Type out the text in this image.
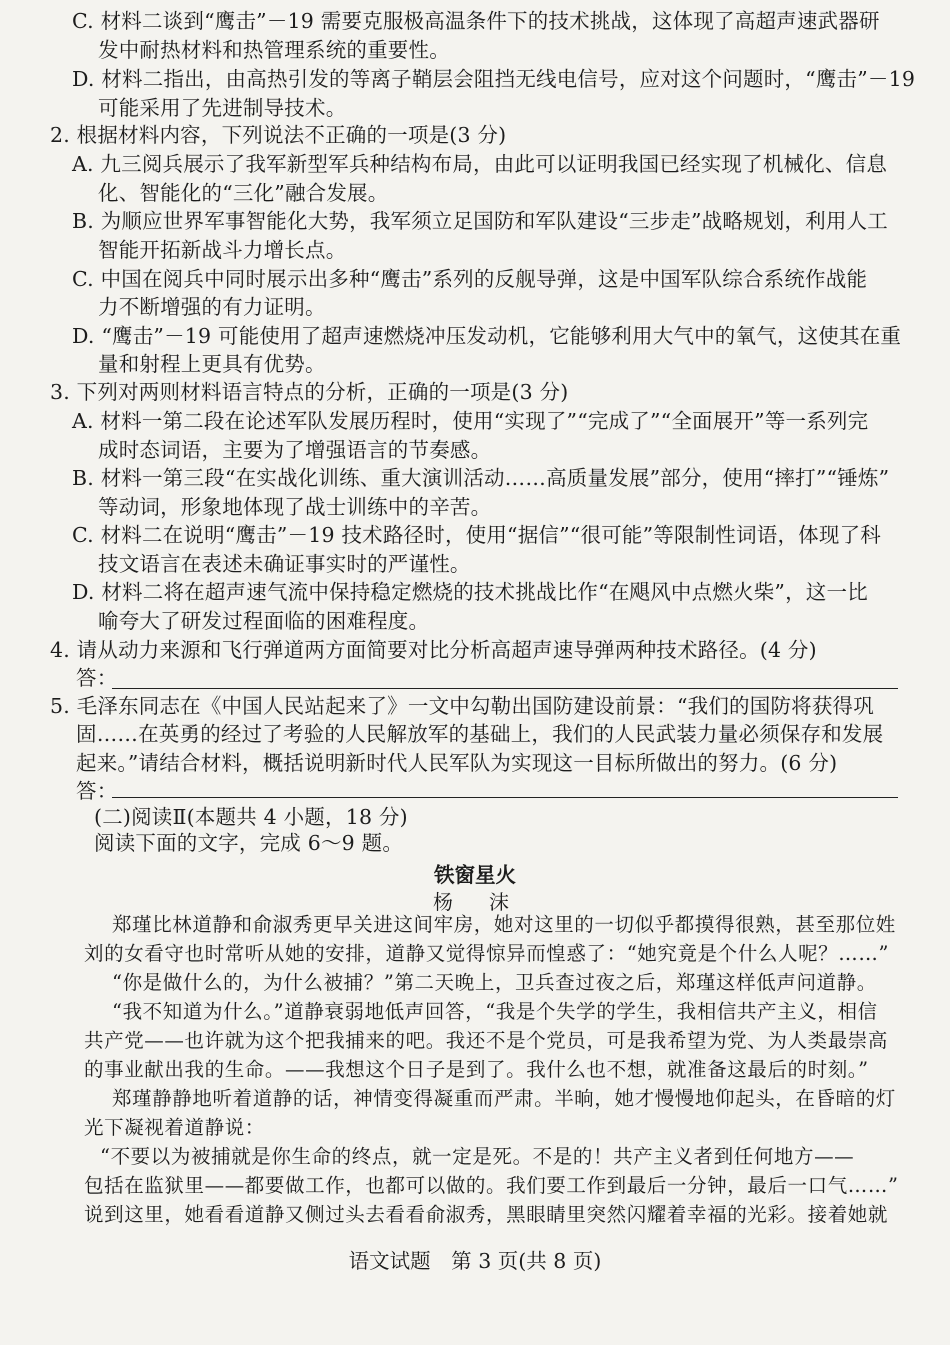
C. 材料二谈到“鹰击”－19 需要克服极高温条件下的技术挑战，这体现了高超声速武器研
发中耐热材料和热管理系统的重要性。
D. 材料二指出，由高热引发的等离子鞘层会阻挡无线电信号，应对这个问题时，“鹰击”－19
可能采用了先进制导技术。
2. 根据材料内容，下列说法不正确的一项是(3 分)
A. 九三阅兵展示了我军新型军兵种结构布局，由此可以证明我国已经实现了机械化、信息
化、智能化的“三化”融合发展。
B. 为顺应世界军事智能化大势，我军须立足国防和军队建设“三步走”战略规划，利用人工
智能开拓新战斗力增长点。
C. 中国在阅兵中同时展示出多种“鹰击”系列的反舰导弹，这是中国军队综合系统作战能
力不断增强的有力证明。
D. “鹰击”－19 可能使用了超声速燃烧冲压发动机，它能够利用大气中的氧气，这使其在重
量和射程上更具有优势。
3. 下列对两则材料语言特点的分析，正确的一项是(3 分)
A. 材料一第二段在论述军队发展历程时，使用“实现了”“完成了”“全面展开”等一系列完
成时态词语，主要为了增强语言的节奏感。
B. 材料一第三段“在实战化训练、重大演训活动……高质量发展”部分，使用“摔打”“锤炼”
等动词，形象地体现了战士训练中的辛苦。
C. 材料二在说明“鹰击”－19 技术路径时，使用“据信”“很可能”等限制性词语，体现了科
技文语言在表述未确证事实时的严谨性。
D. 材料二将在超声速气流中保持稳定燃烧的技术挑战比作“在飓风中点燃火柴”，这一比
喻夸大了研发过程面临的困难程度。
4. 请从动力来源和飞行弹道两方面简要对比分析高超声速导弹两种技术路径。(4 分)
答：
5. 毛泽东同志在《中国人民站起来了》一文中勾勒出国防建设前景：“我们的国防将获得巩
固……在英勇的经过了考验的人民解放军的基础上，我们的人民武装力量必须保存和发展
起来。”请结合材料，概括说明新时代人民军队为实现这一目标所做出的努力。(6 分)
答：
(二)阅读Ⅱ(本题共 4 小题，18 分)
阅读下面的文字，完成 6～9 题。
铁窗星火
杨　沫
郑瑾比林道静和俞淑秀更早关进这间牢房，她对这里的一切似乎都摸得很熟，甚至那位姓
刘的女看守也时常听从她的安排，道静又觉得惊异而惶惑了：“她究竟是个什么人呢？……”
“你是做什么的，为什么被捕？”第二天晚上，卫兵查过夜之后，郑瑾这样低声问道静。
“我不知道为什么。”道静衰弱地低声回答，“我是个失学的学生，我相信共产主义，相信
共产党——也许就为这个把我捕来的吧。我还不是个党员，可是我希望为党、为人类最崇高
的事业献出我的生命。——我想这个日子是到了。我什么也不想，就准备这最后的时刻。”
郑瑾静静地听着道静的话，神情变得凝重而严肃。半晌，她才慢慢地仰起头，在昏暗的灯
光下凝视着道静说：
“不要以为被捕就是你生命的终点，就一定是死。不是的！共产主义者到任何地方——
包括在监狱里——都要做工作，也都可以做的。我们要工作到最后一分钟，最后一口气……”
说到这里，她看看道静又侧过头去看看俞淑秀，黑眼睛里突然闪耀着幸福的光彩。接着她就
语文试题　第 3 页(共 8 页)
